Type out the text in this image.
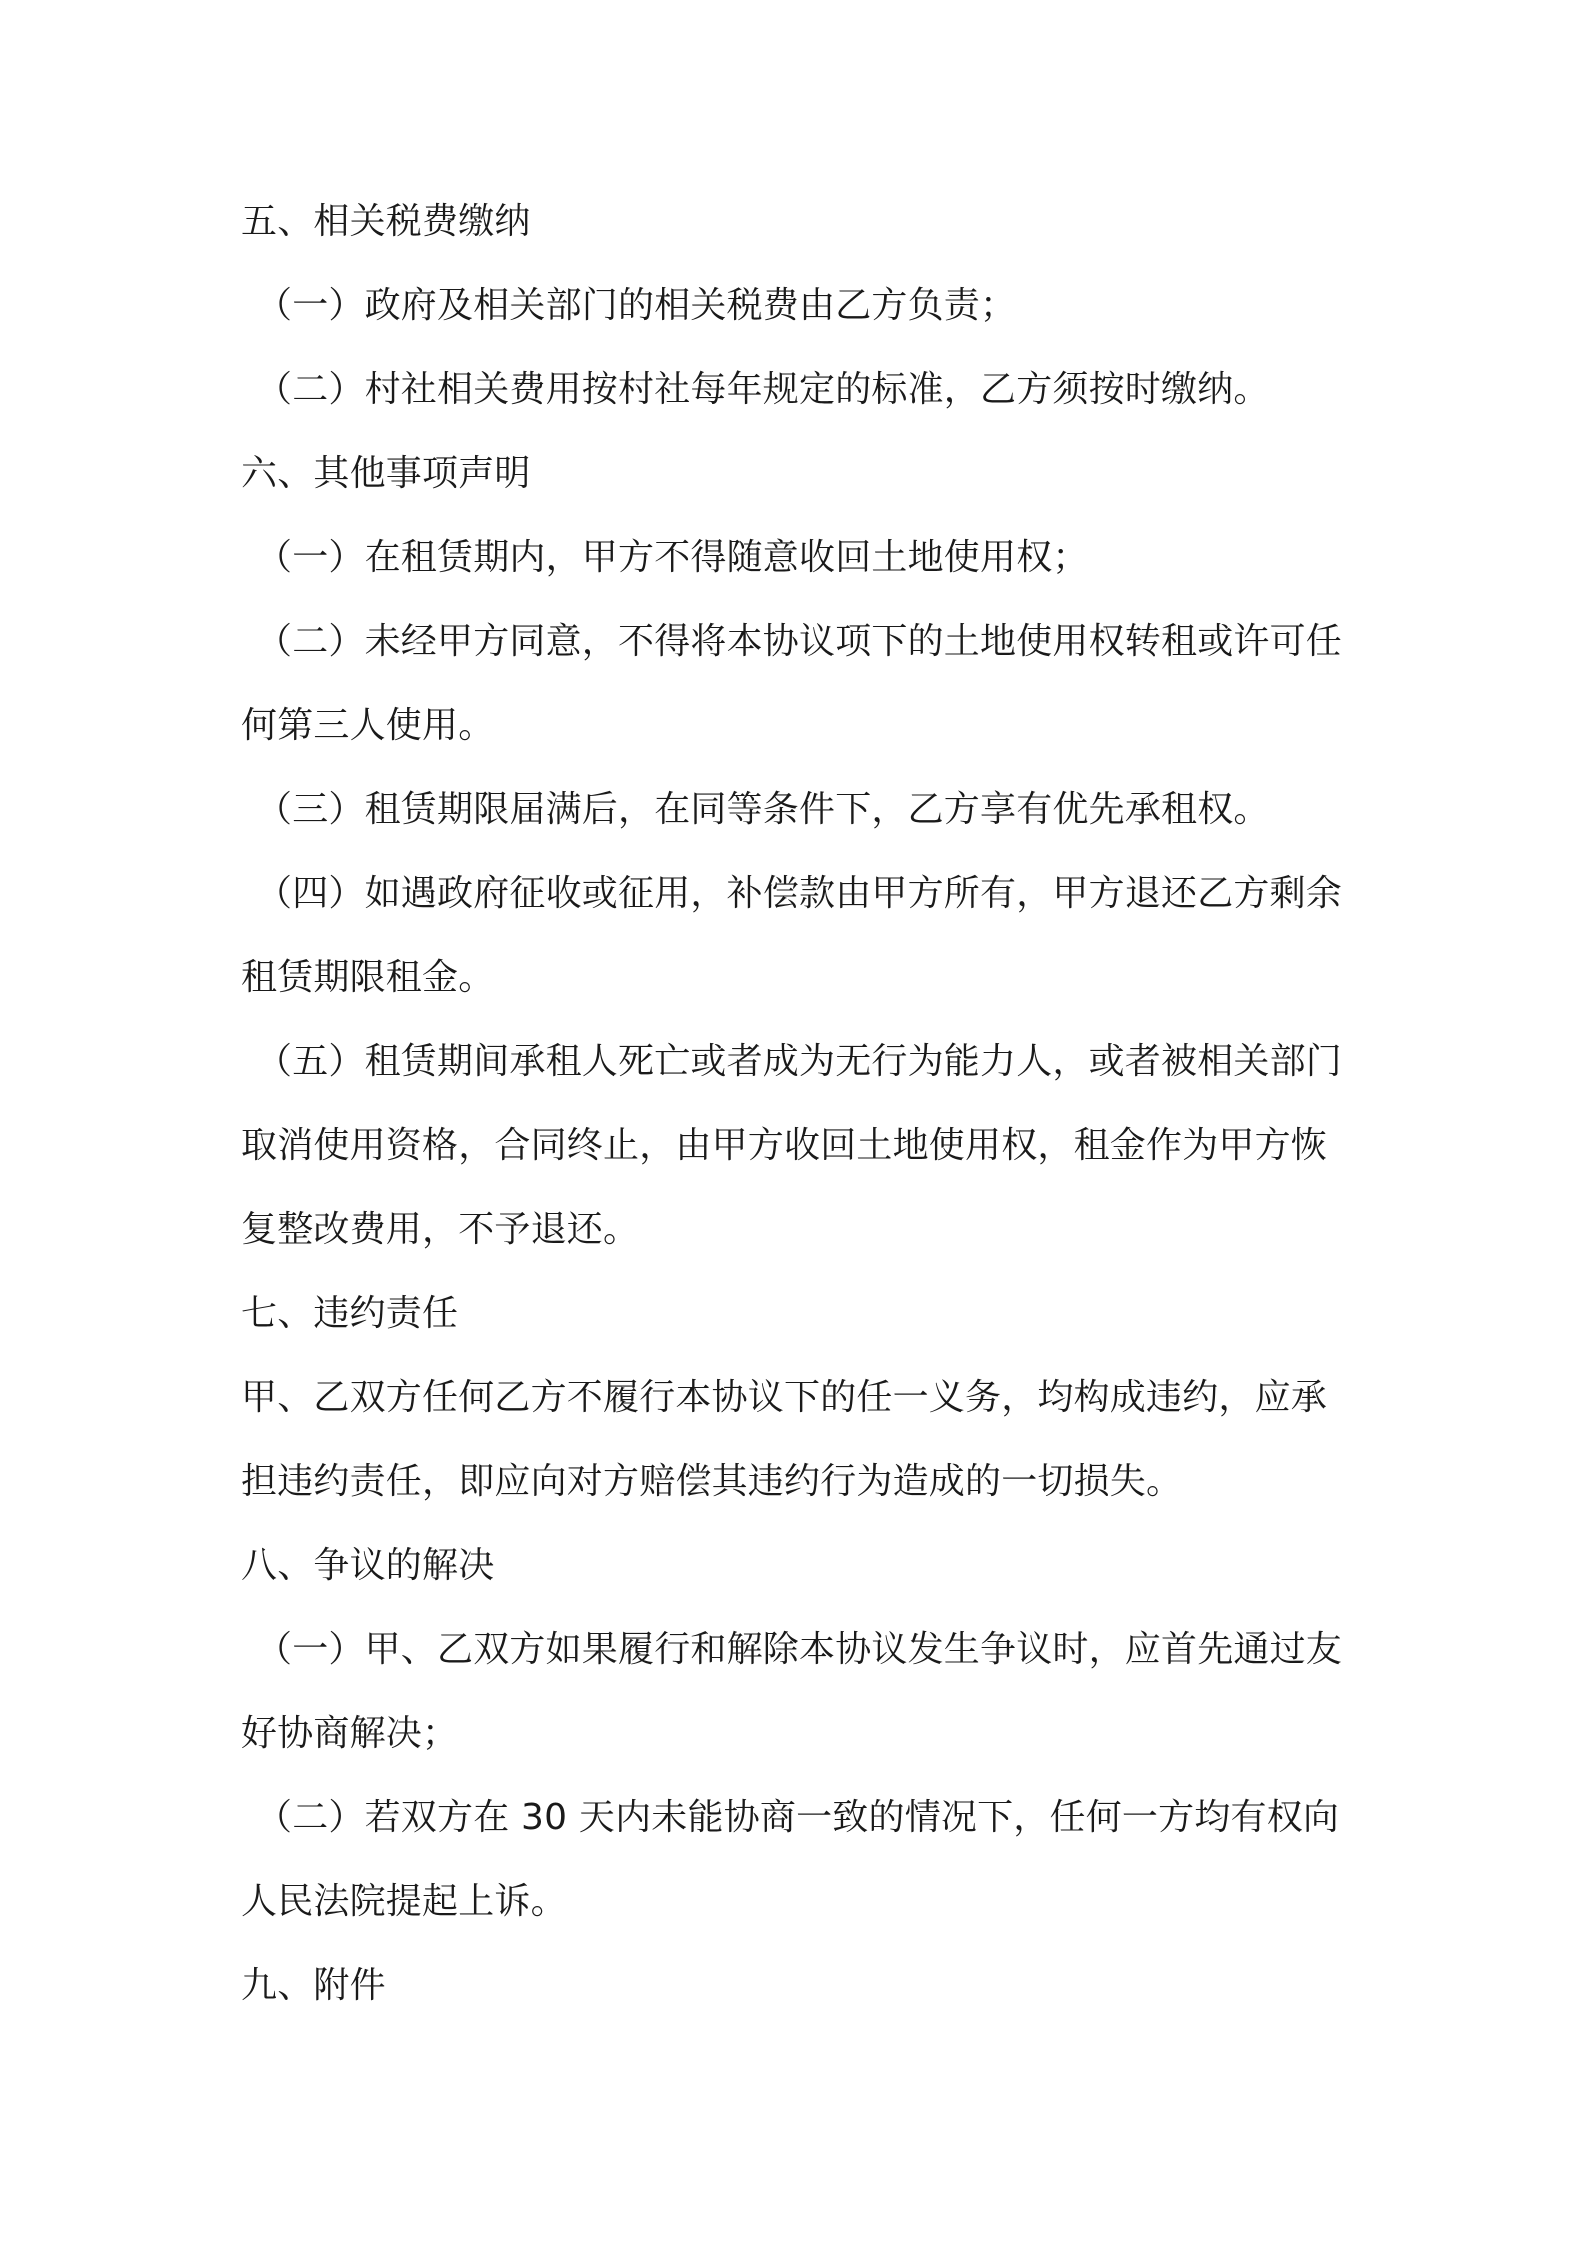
五、相关税费缴纳
（一）政府及相关部门的相关税费由乙方负责；
（二）村社相关费用按村社每年规定的标准，乙方须按时缴纳。
六、其他事项声明
（一）在租赁期内，甲方不得随意收回土地使用权；
（二）未经甲方同意，不得将本协议项下的土地使用权转租或许可任
何第三人使用。
（三）租赁期限届满后，在同等条件下，乙方享有优先承租权。
（四）如遇政府征收或征用，补偿款由甲方所有，甲方退还乙方剩余
租赁期限租金。
（五）租赁期间承租人死亡或者成为无行为能力人，或者被相关部门
取消使用资格，合同终止，由甲方收回土地使用权，租金作为甲方恢
复整改费用，不予退还。
七、违约责任
甲、乙双方任何乙方不履行本协议下的任一义务，均构成违约，应承
担违约责任，即应向对方赔偿其违约行为造成的一切损失。
八、争议的解决
（一）甲、乙双方如果履行和解除本协议发生争议时，应首先通过友
好协商解决；
（二）若双方在 30 天内未能协商一致的情况下，任何一方均有权向
人民法院提起上诉。
九、附件
